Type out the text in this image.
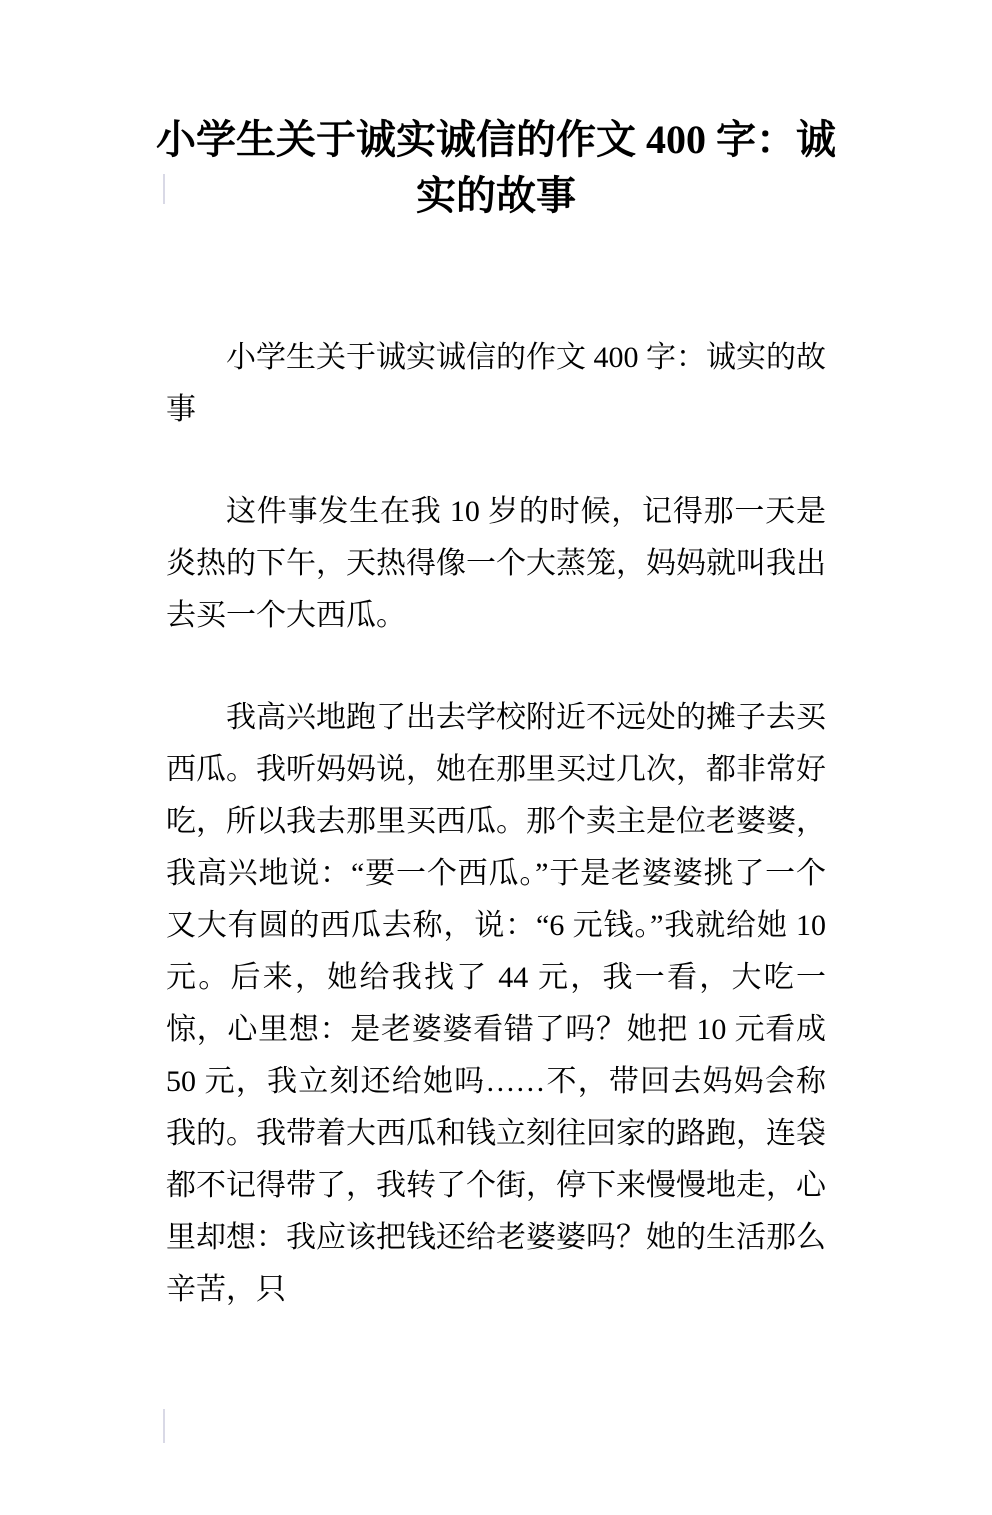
小学生关于诚实诚信的作文 400 字：诚实的故事

小学生关于诚实诚信的作文 400 字：诚实的故事

这件事发生在我 10 岁的时候，记得那一天是炎热的下午，天热得像一个大蒸笼，妈妈就叫我出去买一个大西瓜。

我高兴地跑了出去学校附近不远处的摊子去买西瓜。我听妈妈说，她在那里买过几次，都非常好吃，所以我去那里买西瓜。那个卖主是位老婆婆，我高兴地说：“要一个西瓜。”于是老婆婆挑了一个又大有圆的西瓜去称，说：“6 元钱。”我就给她 10 元。后来，她给我找了 44 元，我一看，大吃一惊，心里想：是老婆婆看错了吗？她把 10 元看成 50 元，我立刻还给她吗……不，带回去妈妈会称我的。我带着大西瓜和钱立刻往回家的路跑，连袋都不记得带了，我转了个街，停下来慢慢地走，心里却想：我应该把钱还给老婆婆吗？她的生活那么辛苦，只
